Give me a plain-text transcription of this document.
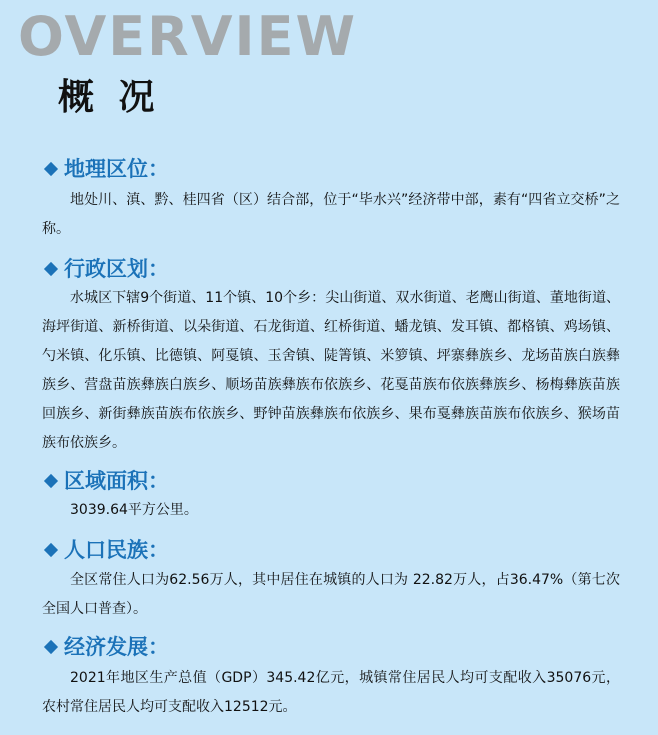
OVERVIEW
概 况
地理区位：

地处川、滇、黔、桂四省（区）结合部，位于“毕水兴”经济带中部，素有“四省立交桥”之称。

行政区划：

水城区下辖9个街道、11个镇、10个乡：尖山街道、双水街道、老鹰山街道、董地街道、海坪街道、新桥街道、以朵街道、石龙街道、红桥街道、蟠龙镇、发耳镇、都格镇、鸡场镇、勺米镇、化乐镇、比德镇、阿戛镇、玉舍镇、陡箐镇、米箩镇、坪寨彝族乡、龙场苗族白族彝族乡、营盘苗族彝族白族乡、顺场苗族彝族布依族乡、花戛苗族布依族彝族乡、杨梅彝族苗族回族乡、新街彝族苗族布依族乡、野钟苗族彝族布依族乡、果布戛彝族苗族布依族乡、猴场苗族布依族乡。

区域面积：

3039.64平方公里。

人口民族：

全区常住人口为62.56万人，其中居住在城镇的人口为 22.82万人，占36.47%（第七次全国人口普查）。

经济发展：

2021年地区生产总值（GDP）345.42亿元，城镇常住居民人均可支配收入35076元，农村常住居民人均可支配收入12512元。
